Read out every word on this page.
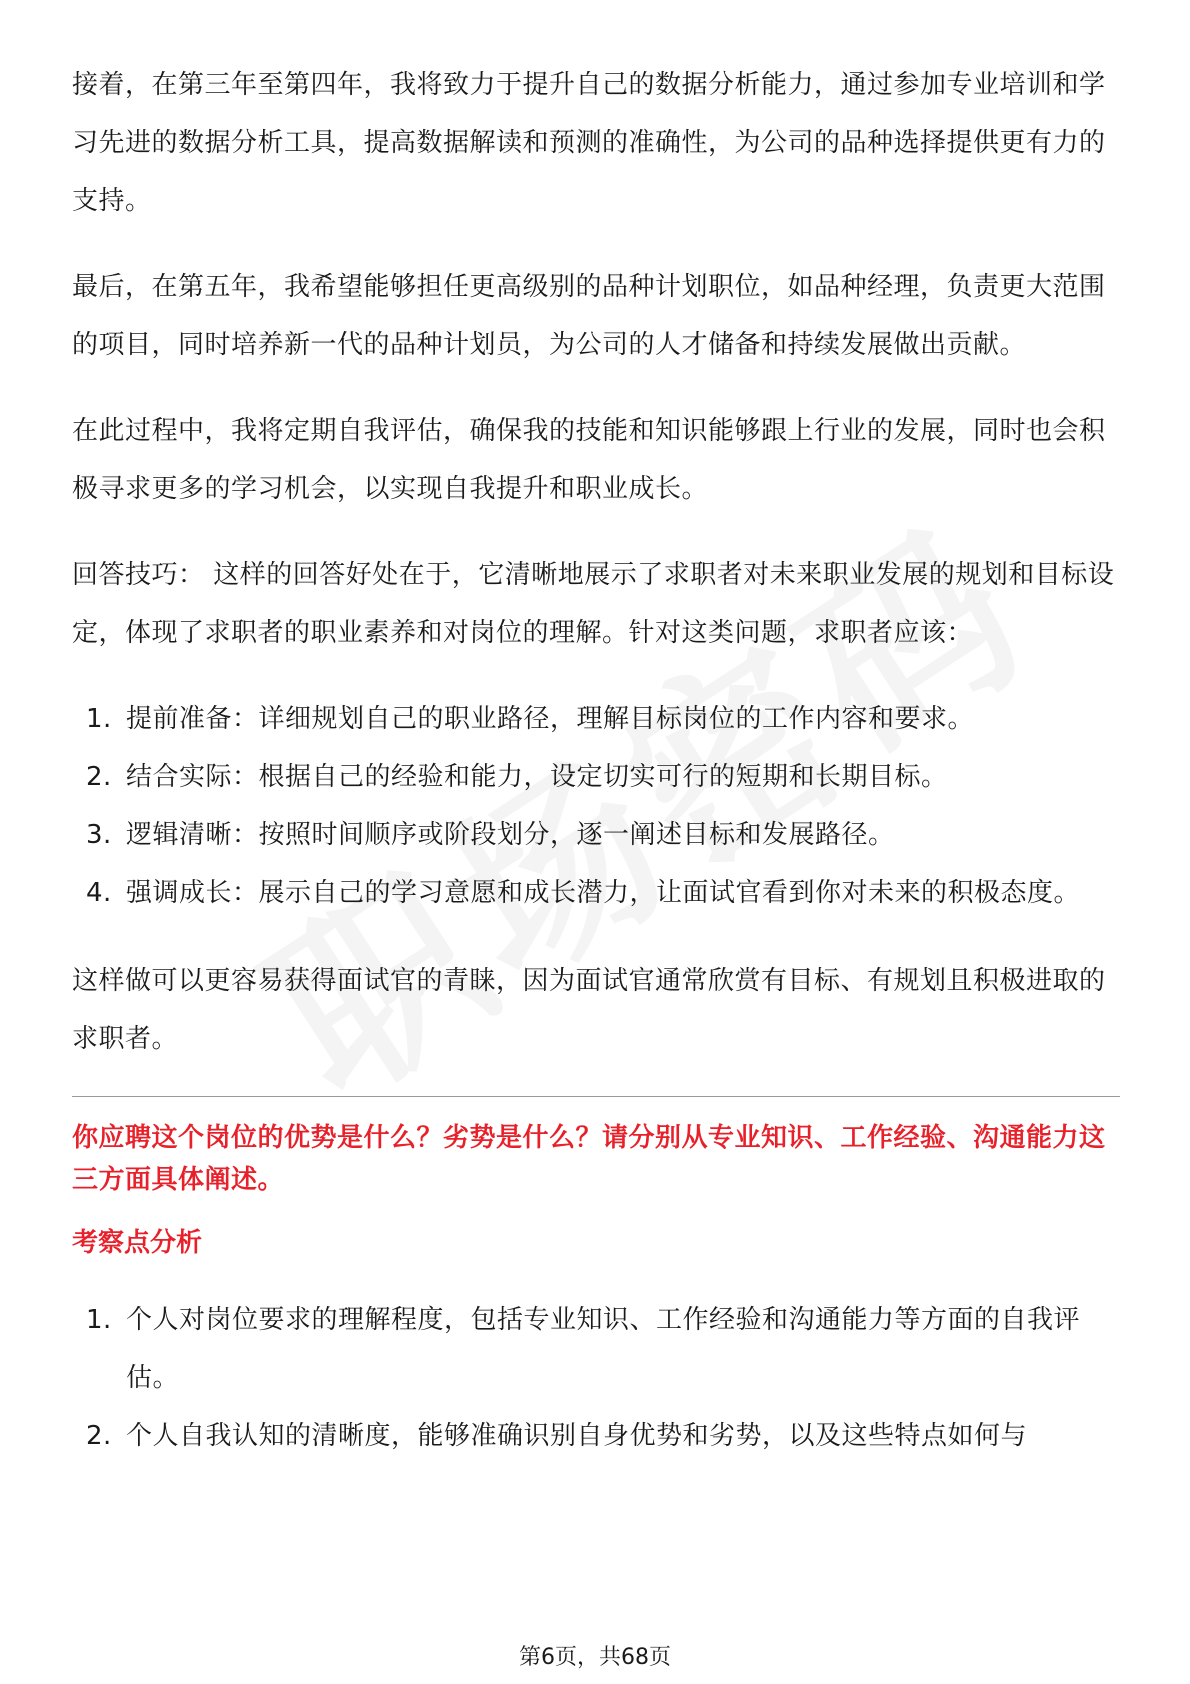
接着，在第三年至第四年，我将致力于提升自己的数据分析能力，通过参加专业培训和学习先进的数据分析工具，提高数据解读和预测的准确性，为公司的品种选择提供更有力的支持。

最后，在第五年，我希望能够担任更高级别的品种计划职位，如品种经理，负责更大范围的项目，同时培养新一代的品种计划员，为公司的人才储备和持续发展做出贡献。

在此过程中，我将定期自我评估，确保我的技能和知识能够跟上行业的发展，同时也会积极寻求更多的学习机会，以实现自我提升和职业成长。

回答技巧： 这样的回答好处在于，它清晰地展示了求职者对未来职业发展的规划和目标设定，体现了求职者的职业素养和对岗位的理解。针对这类问题，求职者应该：

1. 提前准备：详细规划自己的职业路径，理解目标岗位的工作内容和要求。
2. 结合实际：根据自己的经验和能力，设定切实可行的短期和长期目标。
3. 逻辑清晰：按照时间顺序或阶段划分，逐一阐述目标和发展路径。
4. 强调成长：展示自己的学习意愿和成长潜力，让面试官看到你对未来的积极态度。

这样做可以更容易获得面试官的青睐，因为面试官通常欣赏有目标、有规划且积极进取的求职者。

你应聘这个岗位的优势是什么？劣势是什么？请分别从专业知识、工作经验、沟通能力这三方面具体阐述。
考察点分析
1. 个人对岗位要求的理解程度，包括专业知识、工作经验和沟通能力等方面的自我评估。
2. 个人自我认知的清晰度，能够准确识别自身优势和劣势，以及这些特点如何与
第6页，共68页
